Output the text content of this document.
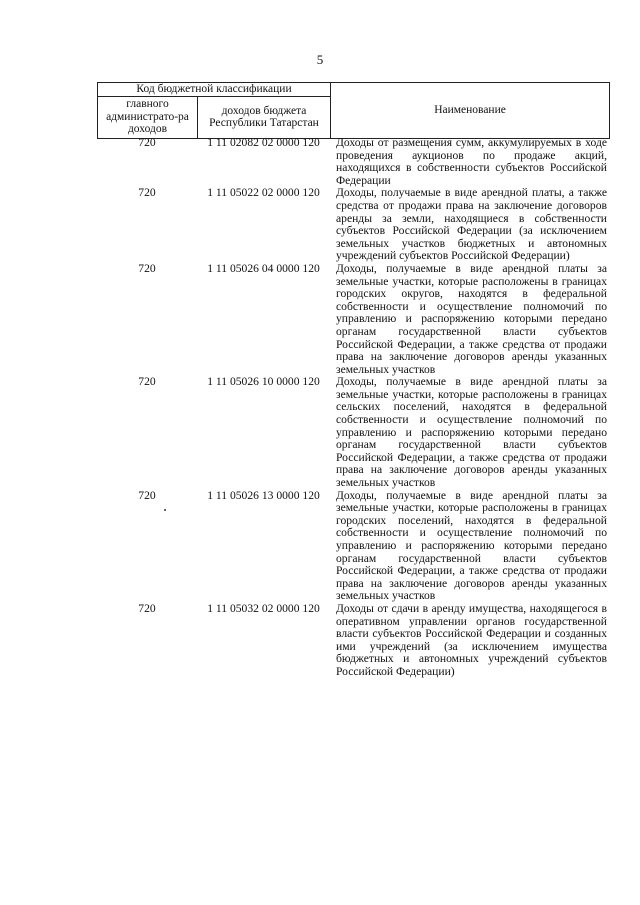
5
Код бюджетной классификации		Наименование
главного администрато-ра доходов	доходов бюджета Республики Татарстан	
720	1 11 02082 02 0000 120	Доходы от размещения сумм, аккумулируемых в ходе проведения аукционов по продаже акций, находящихся в собственности субъектов Российской Федерации
720	1 11 05022 02 0000 120	Доходы, получаемые в виде арендной платы, а также средства от продажи права на заключение договоров аренды за земли, находящиеся в собственности субъектов Российской Федерации (за исключением земельных участков бюджетных и автономных учреждений субъектов Российской Федерации)
720	1 11 05026 04 0000 120	Доходы, получаемые в виде арендной платы за земельные участки, которые расположены в границах городских округов, находятся в федеральной собственности и осуществление полномочий по управлению и распоряжению которыми передано органам государственной власти субъектов Российской Федерации, а также средства от продажи права на заключение договоров аренды указанных земельных участков
720	1 11 05026 10 0000 120	Доходы, получаемые в виде арендной платы за земельные участки, которые расположены в границах сельских поселений, находятся в федеральной собственности и осуществление полномочий по управлению и распоряжению которыми передано органам государственной власти субъектов Российской Федерации, а также средства от продажи права на заключение договоров аренды указанных земельных участков
720	1 11 05026 13 0000 120	Доходы, получаемые в виде арендной платы за земельные участки, которые расположены в границах городских поселений, находятся в федеральной собственности и осуществление полномочий по управлению и распоряжению которыми передано органам государственной власти субъектов Российской Федерации, а также средства от продажи права на заключение договоров аренды указанных земельных участков
720	1 11 05032 02 0000 120	Доходы от сдачи в аренду имущества, находящегося в оперативном управлении органов государственной власти субъектов Российской Федерации и созданных ими учреждений (за исключением имущества бюджетных и автономных учреждений субъектов Российской Федерации)
